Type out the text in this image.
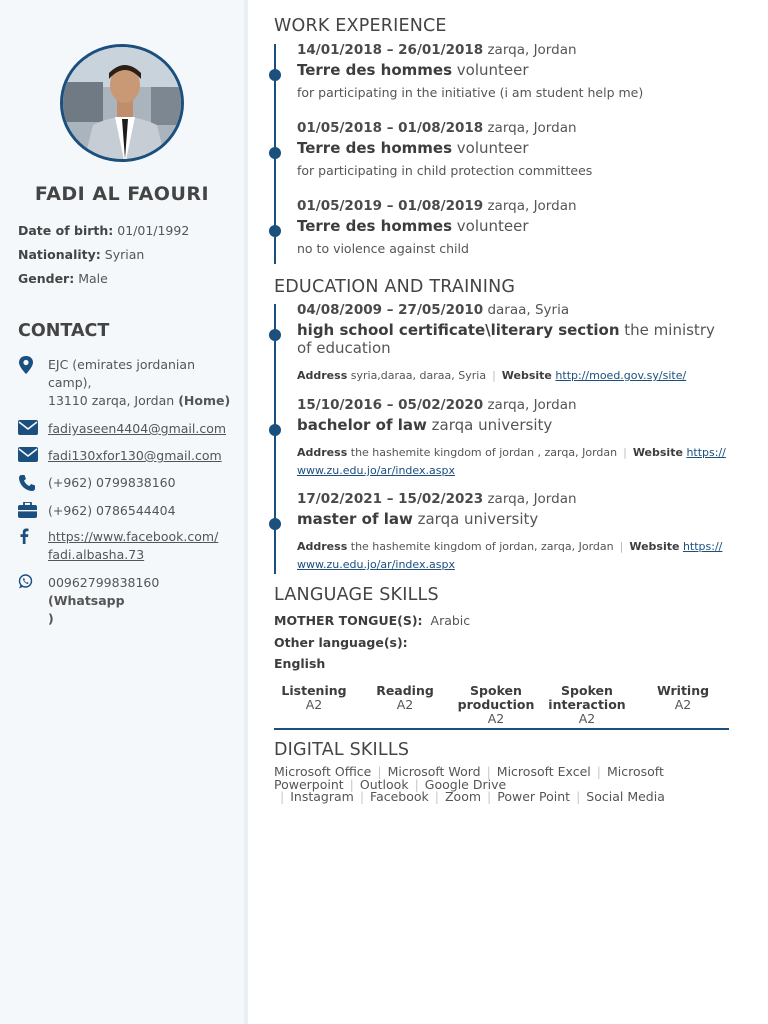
FADI AL FAOURI
Date of birth: 01/01/1992
Nationality: Syrian
Gender: Male
CONTACT
EJC (emirates jordanian
camp),
13110 zarqa, Jordan (Home)
fadiyaseen4404@gmail.com
fadi130xfor130@gmail.com
(+962) 0799838160
(+962) 0786544404
https://www.facebook.com/
fadi.albasha.73
00962799838160 (Whatsapp
)
WORK EXPERIENCE
14/01/2018 – 26/01/2018 zarqa, Jordan
Terre des hommes volunteer
for participating in the initiative (i am student help me)
01/05/2018 – 01/08/2018 zarqa, Jordan
Terre des hommes volunteer
for participating in child protection committees
01/05/2019 – 01/08/2019 zarqa, Jordan
Terre des hommes volunteer
no to violence against child
EDUCATION AND TRAINING
04/08/2009 – 27/05/2010 daraa, Syria
high school certificate\literary section the ministry of education
Address syria,daraa, daraa, Syria | Website http://moed.gov.sy/site/
15/10/2016 – 05/02/2020 zarqa, Jordan
bachelor of law zarqa university
Address the hashemite kingdom of jordan , zarqa, Jordan | Website https://
www.zu.edu.jo/ar/index.aspx
17/02/2021 – 15/02/2023 zarqa, Jordan
master of law zarqa university
Address the hashemite kingdom of jordan, zarqa, Jordan | Website https://
www.zu.edu.jo/ar/index.aspx
LANGUAGE SKILLS
MOTHER TONGUE(S): Arabic
Other language(s):
English
Listening
A2
Reading
A2
Spoken
production
A2
Spoken
interaction
A2
Writing
A2
DIGITAL SKILLS
Microsoft Office | Microsoft Word | Microsoft Excel | Microsoft Powerpoint | Outlook | Google Drive
| Instagram | Facebook | Zoom | Power Point | Social Media
